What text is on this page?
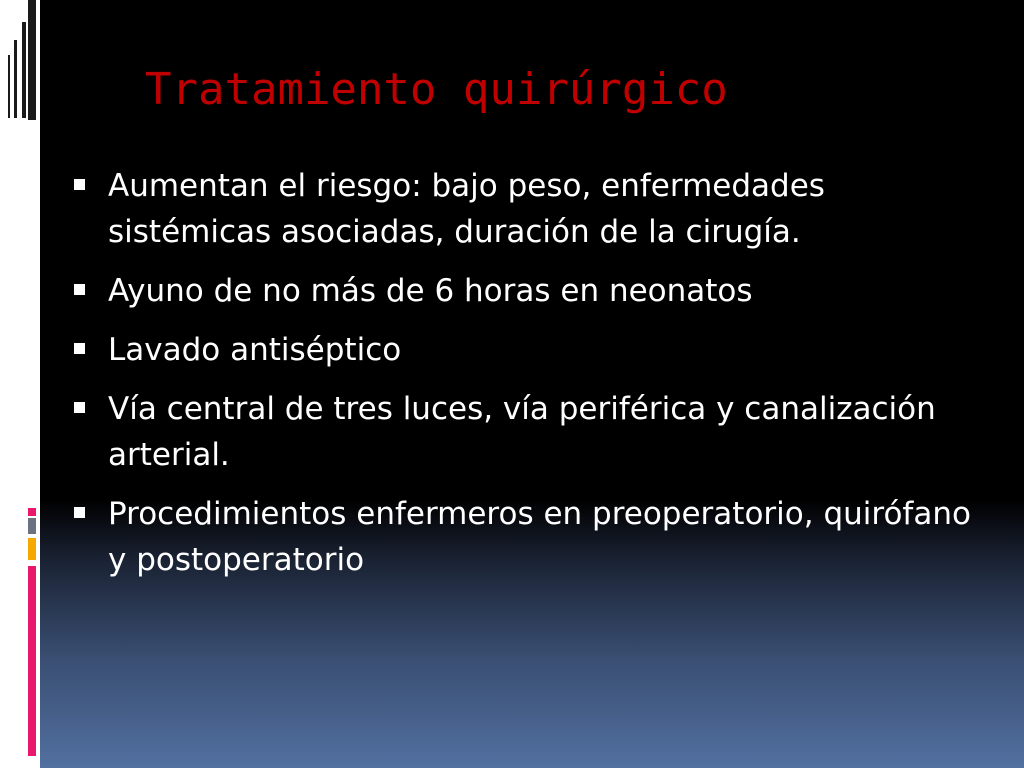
Tratamiento quirúrgico
Aumentan el riesgo: bajo peso, enfermedades sistémicas asociadas, duración de la cirugía.
Ayuno de no más de 6 horas en neonatos
Lavado antiséptico
Vía central de tres luces, vía periférica y canalización arterial.
Procedimientos enfermeros en preoperatorio, quirófano y postoperatorio
